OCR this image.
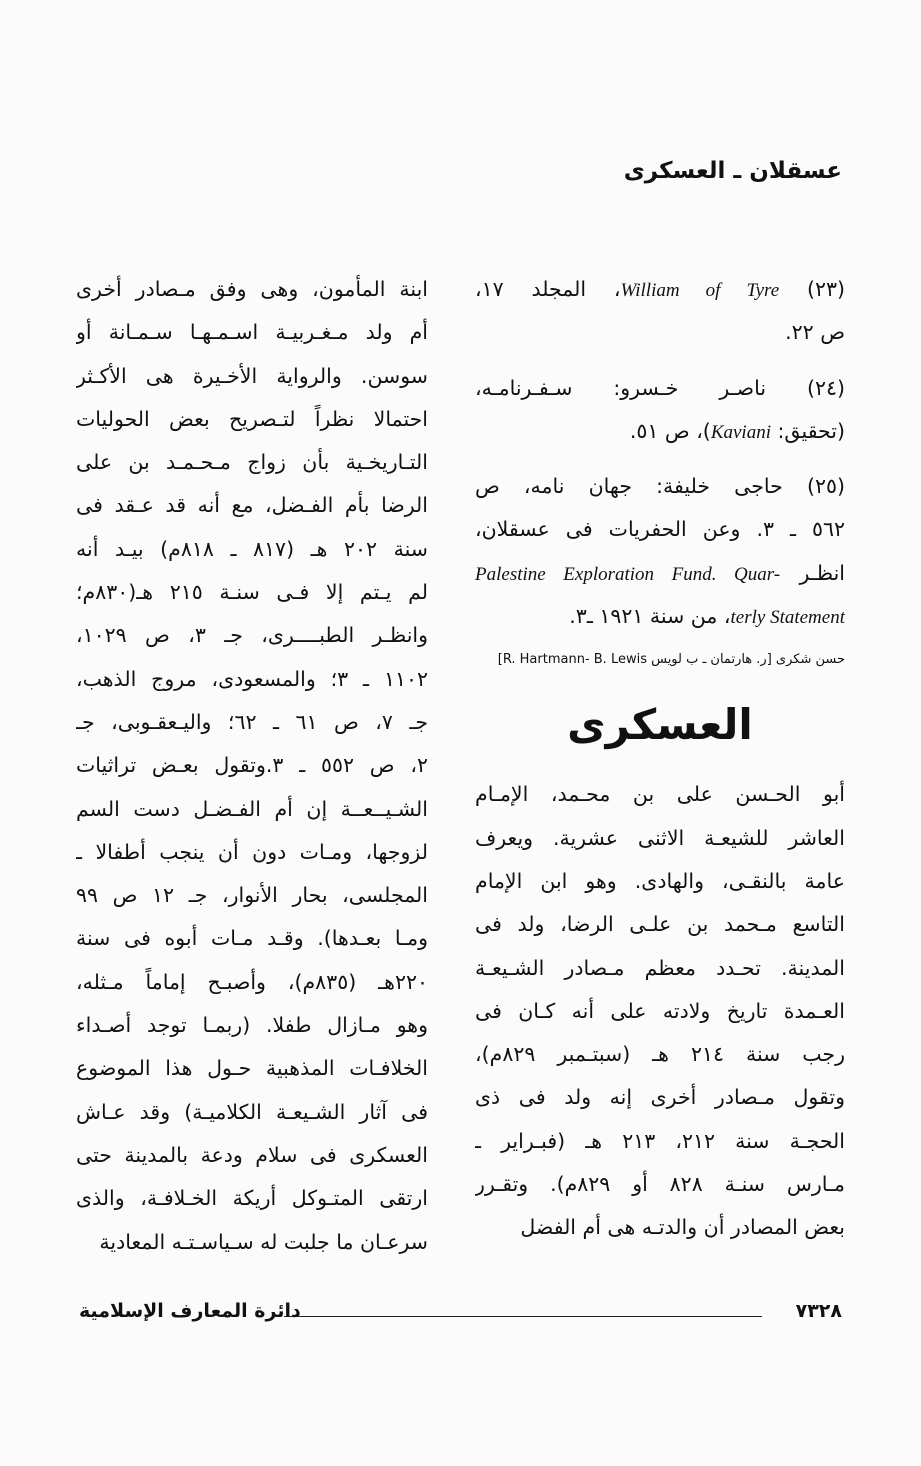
عسقلان ـ العسكرى
(٢٣) William of Tyre، المجلد ١٧،
ص ٢٢.
(٢٤) ناصـر خـسرو: سـفـرنامـه،
(تحقيق: Kaviani)، ص ٥١.
(٢٥) حاجى خليفة: جهان نامه، ص
٥٦٢ ـ ٣. وعن الحفريات فى عسقلان،
انظـر Palestine Exploration Fund. Quar-
terly Statement، من سنة ١٩٢١ ـ٣.
حسن شكرى [ر. هارتمان ـ ب لويس R. Hartmann- B. Lewis]
العسكرى
أبو الحـسن على بن محـمد، الإمـام
العاشر للشيعـة الاثنى عشرية. ويعرف
عامة بالنقـى، والهادى. وهو ابن الإمام
التاسع مـحمد بن علـى الرضا، ولد فى
المدينة. تحـدد معظم مـصادر الشـيعـة
العـمدة تاريخ ولادته على أنه كـان فى
رجب سنة ٢١٤ هـ (سبتـمبر ٨٢٩م)،
وتقول مـصادر أخرى إنه ولد فى ذى
الحجـة سنة ٢١٢، ٢١٣ هـ (فبـراير ـ
مـارس سنـة ٨٢٨ أو ٨٢٩م). وتقـرر
بعض المصادر أن والدتـه هى أم الفضل
ابنة المأمون، وهى وفق مـصادر أخرى
أم ولد مـغـربيـة اسـمـهـا سـمـانة أو
سوسن. والرواية الأخـيرة هى الأكـثر
احتمالا نظراً لتـصريح بعض الحوليات
التـاريخـية بأن زواج مـحـمـد بن على
الرضا بأم الفـضل، مع أنه قد عـقد فى
سنة ٢٠٢ هـ (٨١٧ ـ ٨١٨م) بيـد أنه
لم يـتم إلا فـى سنـة ٢١٥ هـ(٨٣٠م؛
وانظـر الطبــــرى، جـ ٣، ص ١٠٢٩،
١١٠٢ ـ ٣؛ والمسعودى، مروج الذهب،
جـ ٧، ص ٦١ ـ ٦٢؛ واليـعقـوبى، جـ
٢، ص ٥٥٢ ـ ٣.وتقول بعـض تراثيات
الشـيــعــة إن أم الفـضـل دست السم
لزوجها، ومـات دون أن ينجب أطفالا ـ
المجلسى، بحار الأنوار، جـ ١٢ ص ٩٩
ومـا بعـدها). وقـد مـات أبوه فى سنة
٢٢٠هـ (٨٣٥م)، وأصبـح إماماً مـثله،
وهو مـازال طفلا. (ربمـا توجد أصـداء
الخلافـات المذهبية حـول هذا الموضوع
فى آثار الشـيعـة الكلاميـة) وقد عـاش
العسكرى فى سلام ودعة بالمدينة حتى
ارتقى المتـوكل أريكة الخـلافـة، والذى
سرعـان ما جلبت له سـياسـتـه المعادية
٧٣٢٨
دائرة المعارف الإسلامية
